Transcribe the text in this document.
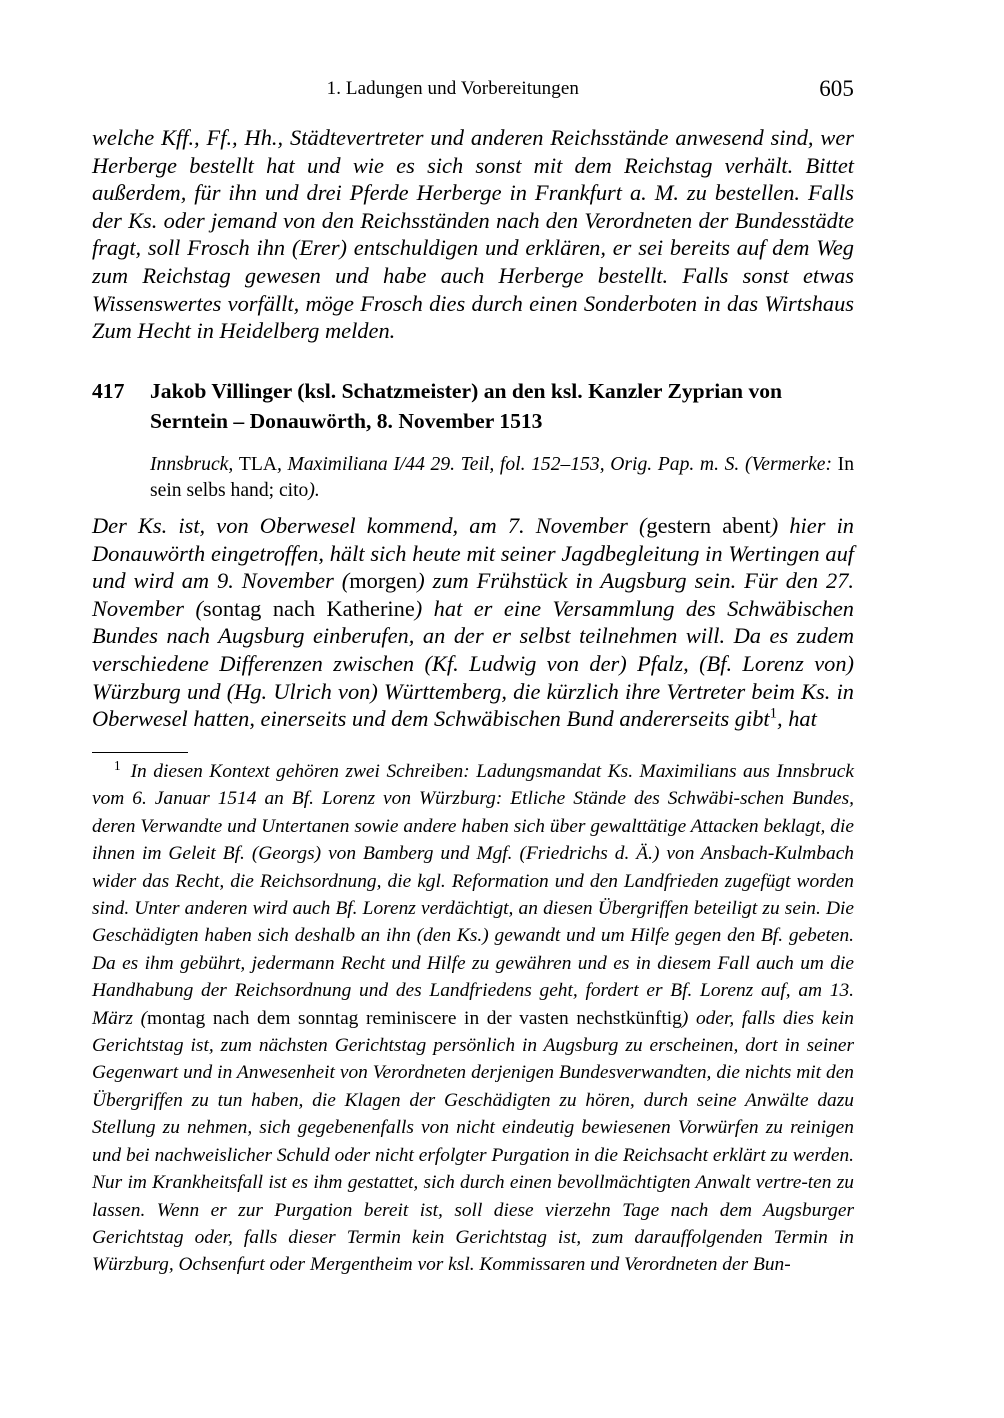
1. Ladungen und Vorbereitungen	605
welche Kff., Ff., Hh., Städtevertreter und anderen Reichsstände anwesend sind, wer Herberge bestellt hat und wie es sich sonst mit dem Reichstag verhält. Bittet außerdem, für ihn und drei Pferde Herberge in Frankfurt a. M. zu bestellen. Falls der Ks. oder jemand von den Reichsständen nach den Verordneten der Bundesstädte fragt, soll Frosch ihn (Erer) entschuldigen und erklären, er sei bereits auf dem Weg zum Reichstag gewesen und habe auch Herberge bestellt. Falls sonst etwas Wissenswertes vorfällt, möge Frosch dies durch einen Sonderboten in das Wirtshaus Zum Hecht in Heidelberg melden.
417	Jakob Villinger (ksl. Schatzmeister) an den ksl. Kanzler Zyprian von Serntein – Donauwörth, 8. November 1513
Innsbruck, TLA, Maximiliana I/44 29. Teil, fol. 152–153, Orig. Pap. m. S. (Vermerke: In sein selbs hand; cito).
Der Ks. ist, von Oberwesel kommend, am 7. November (gestern abent) hier in Donauwörth eingetroffen, hält sich heute mit seiner Jagdbegleitung in Wertingen auf und wird am 9. November (morgen) zum Frühstück in Augsburg sein. Für den 27. November (sontag nach Katherine) hat er eine Versammlung des Schwäbischen Bundes nach Augsburg einberufen, an der er selbst teilnehmen will. Da es zudem verschiedene Differenzen zwischen (Kf. Ludwig von der) Pfalz, (Bf. Lorenz von) Würzburg und (Hg. Ulrich von) Württemberg, die kürzlich ihre Vertreter beim Ks. in Oberwesel hatten, einerseits und dem Schwäbischen Bund andererseits gibt$^1$, hat
$^1$ In diesen Kontext gehören zwei Schreiben: Ladungsmandat Ks. Maximilians aus Innsbruck vom 6. Januar 1514 an Bf. Lorenz von Würzburg: Etliche Stände des Schwäbi-schen Bundes, deren Verwandte und Untertanen sowie andere haben sich über gewalttätige Attacken beklagt, die ihnen im Geleit Bf. (Georgs) von Bamberg und Mgf. (Friedrichs d. Ä.) von Ansbach-Kulmbach wider das Recht, die Reichsordnung, die kgl. Reformation und den Landfrieden zugefügt worden sind. Unter anderen wird auch Bf. Lorenz verdächtigt, an diesen Übergriffen beteiligt zu sein. Die Geschädigten haben sich deshalb an ihn (den Ks.) gewandt und um Hilfe gegen den Bf. gebeten. Da es ihm gebührt, jedermann Recht und Hilfe zu gewähren und es in diesem Fall auch um die Handhabung der Reichsordnung und des Landfriedens geht, fordert er Bf. Lorenz auf, am 13. März (montag nach dem sonntag reminiscere in der vasten nechstkünftig) oder, falls dies kein Gerichtstag ist, zum nächsten Gerichtstag persönlich in Augsburg zu erscheinen, dort in seiner Gegenwart und in Anwesenheit von Verordneten derjenigen Bundesverwandten, die nichts mit den Übergriffen zu tun haben, die Klagen der Geschädigten zu hören, durch seine Anwälte dazu Stellung zu nehmen, sich gegebenenfalls von nicht eindeutig bewiesenen Vorwürfen zu reinigen und bei nachweislicher Schuld oder nicht erfolgter Purgation in die Reichsacht erklärt zu werden. Nur im Krankheitsfall ist es ihm gestattet, sich durch einen bevollmächtigten Anwalt vertre-ten zu lassen. Wenn er zur Purgation bereit ist, soll diese vierzehn Tage nach dem Augsburger Gerichtstag oder, falls dieser Termin kein Gerichtstag ist, zum darauffolgenden Termin in Würzburg, Ochsenfurt oder Mergentheim vor ksl. Kommissaren und Verordneten der Bun-
